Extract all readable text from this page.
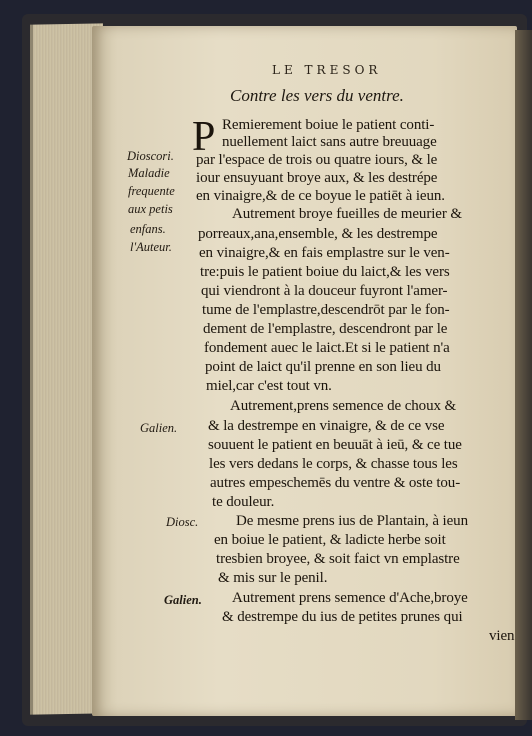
LE TRESOR
Contre les vers du ventre.
P
Dioscori.
Maladie
frequente
aux petis
enfans.
l'Auteur.
Galien.
Diosc.
Galien.
Remierement boiue le patient conti-
nuellement laict sans autre breuuage
par l'espace de trois ou quatre iours, & le
iour ensuyuant broye aux, & les destrépe
en vinaigre,& de ce boyue le patiēt à ieun.
Autrement broye fueilles de meurier &
porreaux,ana,ensemble, & les destrempe
en vinaigre,& en fais emplastre sur le ven-
tre:puis le patient boiue du laict,& les vers
qui viendront à la douceur fuyront l'amer-
tume de l'emplastre,descendrōt par le fon-
dement de l'emplastre, descendront par le
fondement auec le laict.Et si le patient n'a
point de laict qu'il prenne en son lieu du
miel,car c'est tout vn.
Autrement,prens semence de choux &
& la destrempe en vinaigre, & de ce vse
souuent le patient en beuuāt à ieū, & ce tue
les vers dedans le corps, & chasse tous les
autres empeschemēs du ventre & oste tou-
te douleur.
De mesme prens ius de Plantain, à ieun
en boiue le patient, & ladicte herbe soit
tresbien broyee, & soit faict vn emplastre
& mis sur le penil.
Autrement prens semence d'Ache,broye
& destrempe du ius de petites prunes qui
vien
